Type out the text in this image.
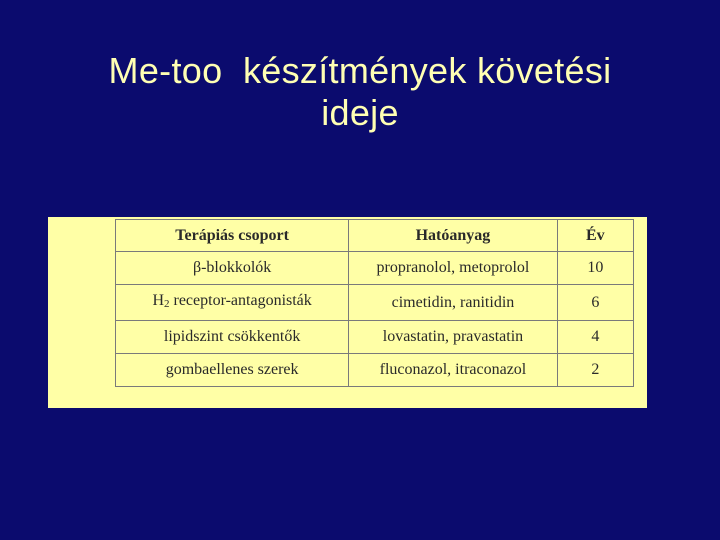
Me-too  készítmények követési
ideje
Terápiás csoport	Hatóanyag	Év
β-blokkolók	propranolol, metoprolol	10
H2 receptor-antagonisták	cimetidin, ranitidin	6
lipidszint csökkentők	lovastatin, pravastatin	4
gombaellenes szerek	fluconazol, itraconazol	2
